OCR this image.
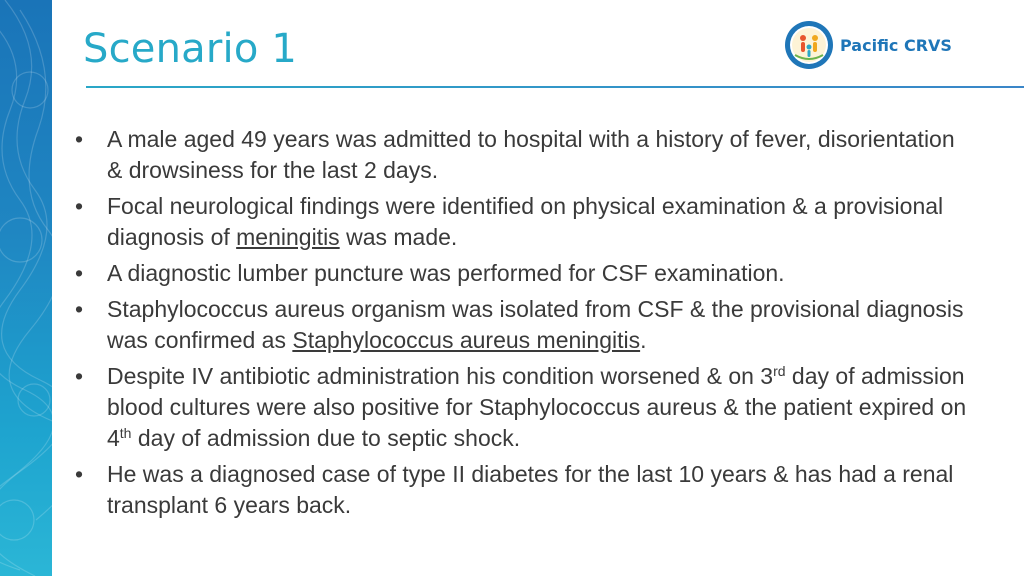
Scenario 1	Pacific CRVS
•	A male aged 49 years was admitted to hospital with a history of fever, disorientation & drowsiness for the last 2 days.
•	Focal neurological findings were identified on physical examination & a provisional diagnosis of meningitis was made.
•	A diagnostic lumber puncture was performed for CSF examination.
•	Staphylococcus aureus organism was isolated from CSF & the provisional diagnosis was confirmed as Staphylococcus aureus meningitis.
•	Despite IV antibiotic administration his condition worsened & on 3rd day of admission blood cultures were also positive for Staphylococcus aureus & the patient expired on 4th day of admission due to septic shock.
•	He was a diagnosed case of type II diabetes for the last 10 years & has had a renal transplant 6 years back.
